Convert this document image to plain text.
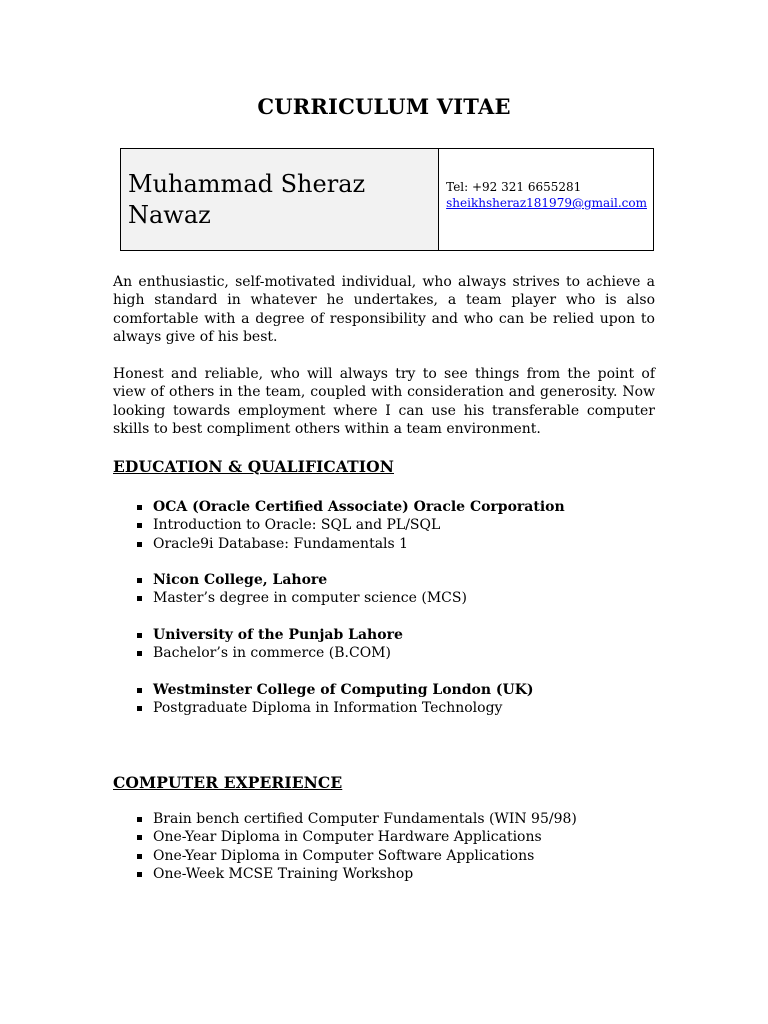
CURRICULUM VITAE
Muhammad Sheraz
Nawaz
Tel: +92 321 6655281
sheikhsheraz181979@gmail.com

An enthusiastic, self-motivated individual, who always strives to achieve a high standard in whatever he undertakes, a team player who is also comfortable with a degree of responsibility and who can be relied upon to always give of his best.

Honest and reliable, who will always try to see things from the point of view of others in the team, coupled with consideration and generosity. Now looking towards employment where I can use his transferable computer skills to best compliment others within a team environment.

EDUCATION & QUALIFICATION
OCA (Oracle Certified Associate) Oracle Corporation
Introduction to Oracle: SQL and PL/SQL
Oracle9i Database: Fundamentals 1
Nicon College, Lahore
Master’s degree in computer science (MCS)
University of the Punjab Lahore
Bachelor’s in commerce (B.COM)
Westminster College of Computing London (UK)
Postgraduate Diploma in Information Technology
COMPUTER EXPERIENCE
Brain bench certified Computer Fundamentals (WIN 95/98)
One-Year Diploma in Computer Hardware Applications
One-Year Diploma in Computer Software Applications
One-Week MCSE Training Workshop
